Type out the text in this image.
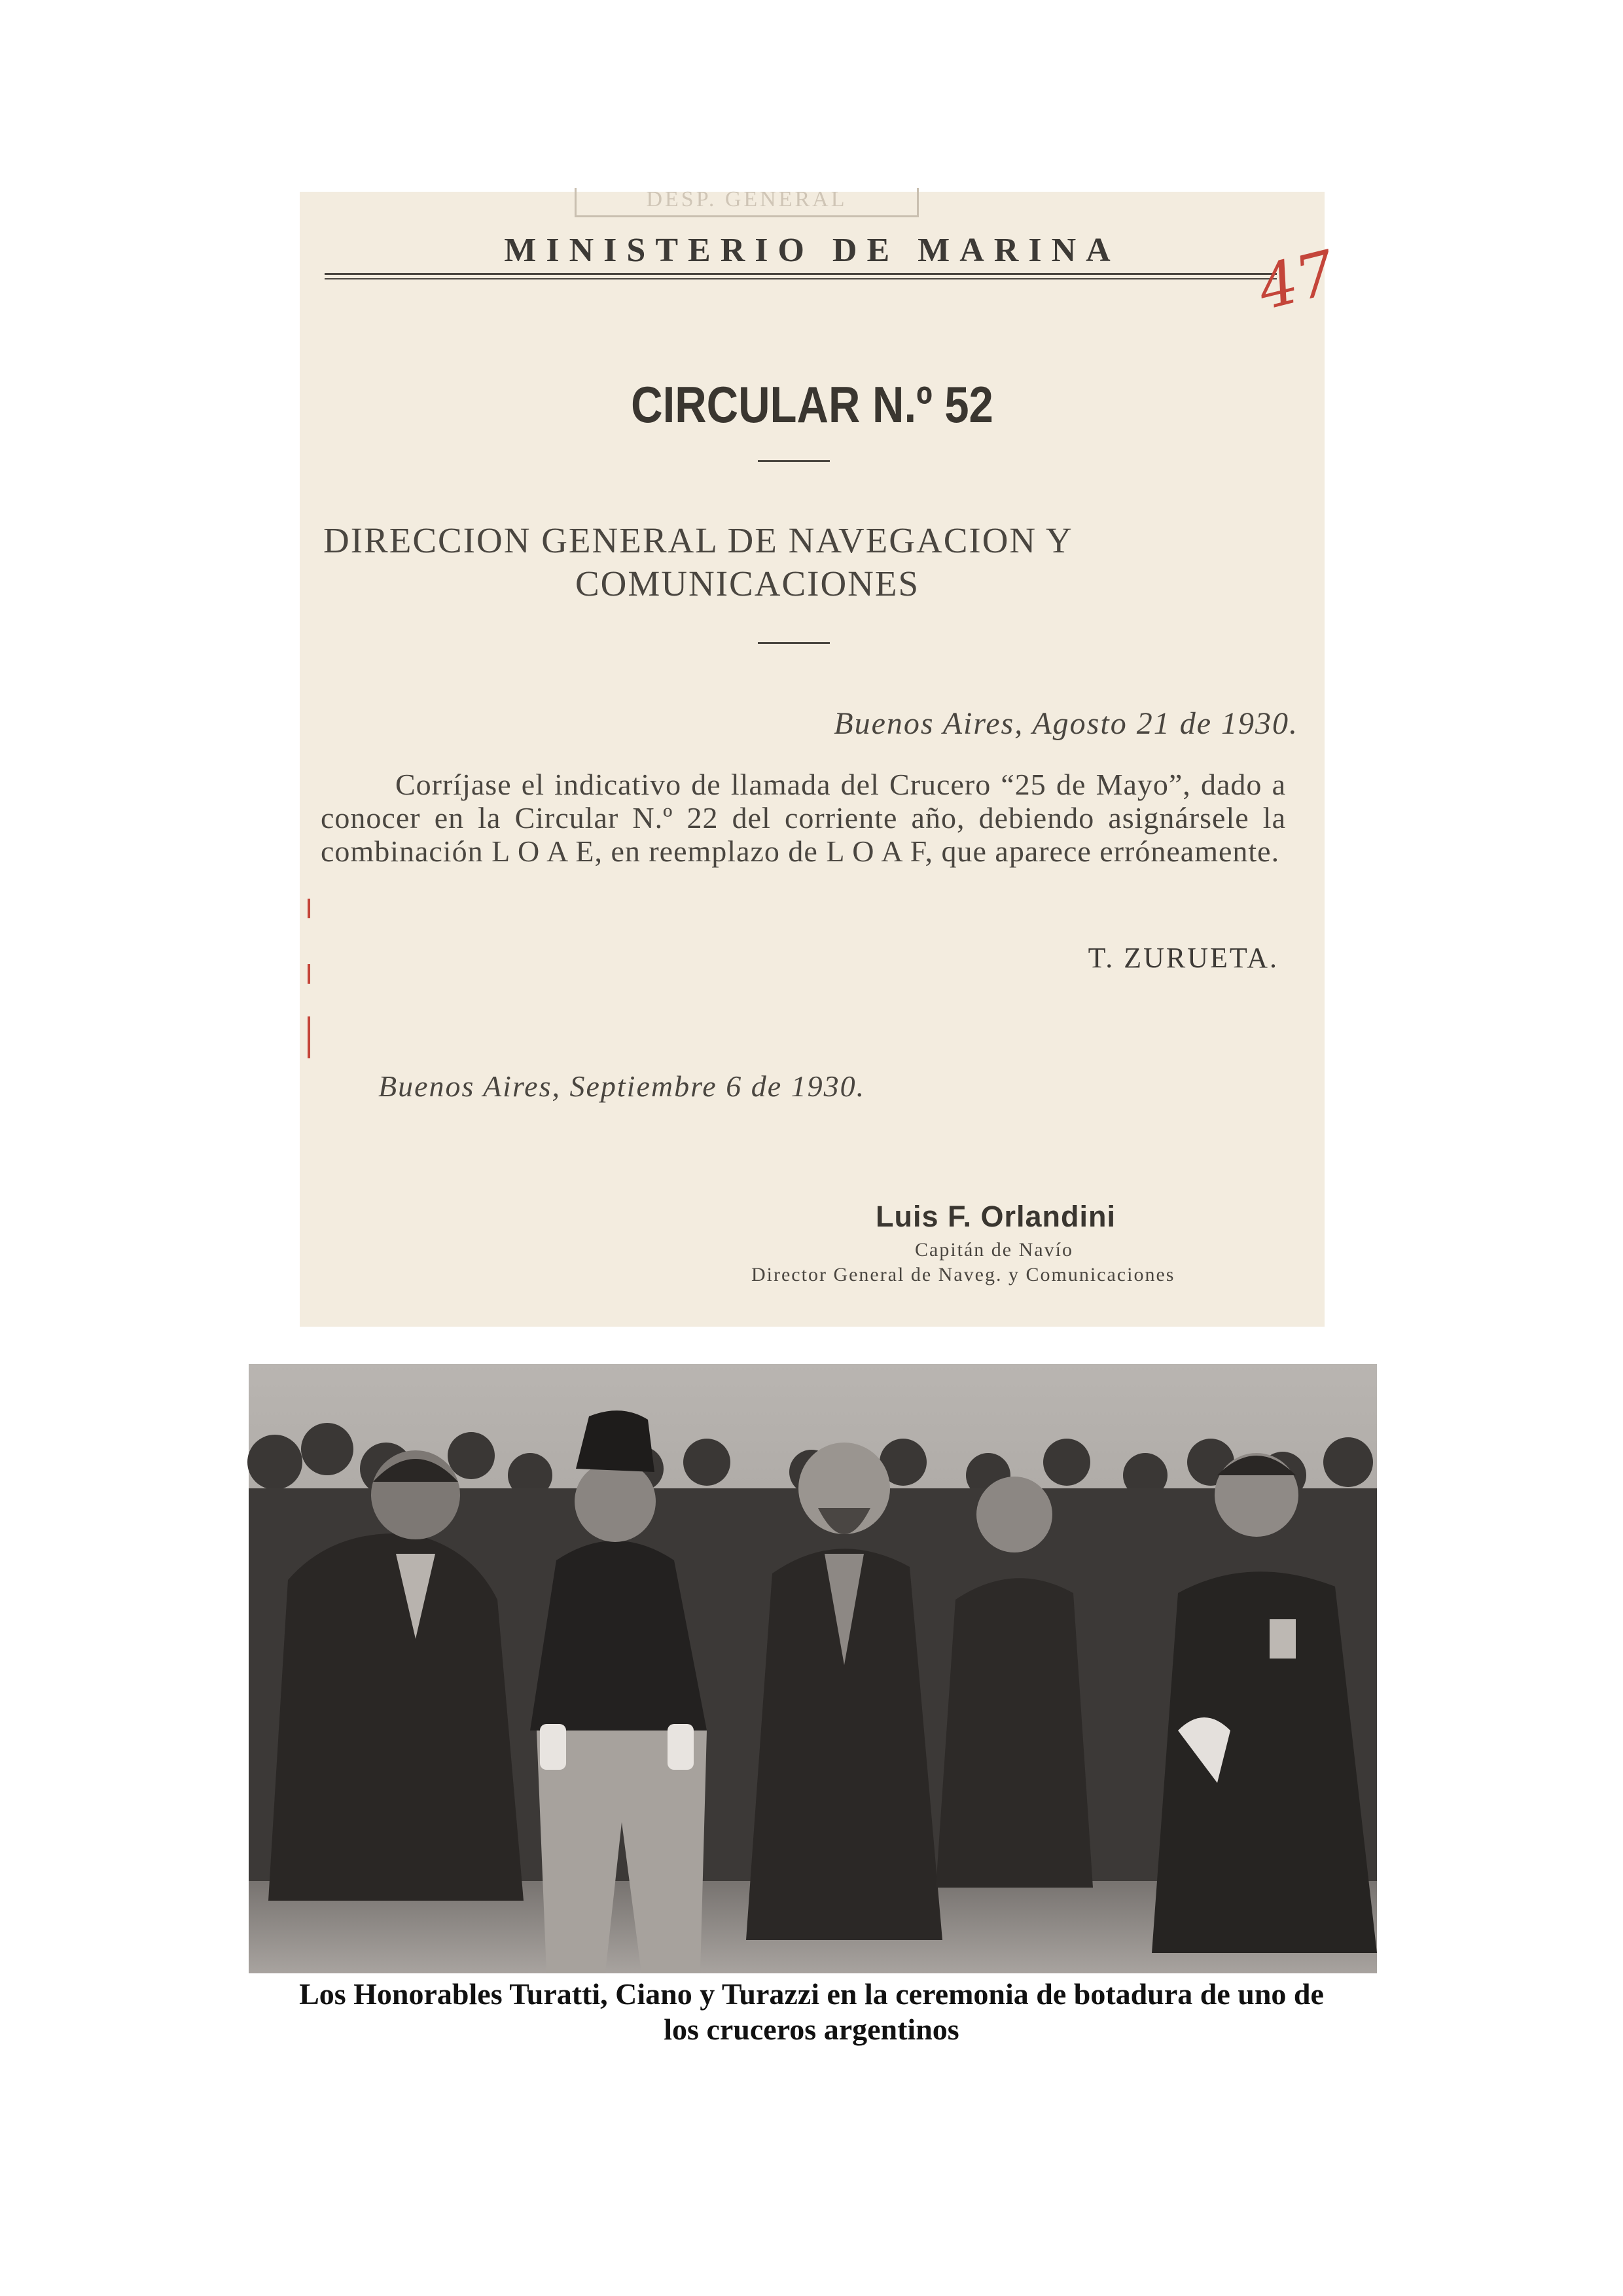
DESP. GENERAL
MINISTERIO DE MARINA	47
CIRCULAR N.º 52
DIRECCION GENERAL DE NAVEGACION Y
COMUNICACIONES
Buenos Aires, Agosto 21 de 1930.
Corríjase el indicativo de llamada del Crucero “25 de Mayo”, dado a conocer en la Circular N.º 22 del corriente año, debiendo asignársele la combinación L O A E, en reemplazo de L O A F, que aparece erróneamente.
T. ZURUETA.
Buenos Aires, Septiembre 6 de 1930.
Luis F. Orlandini
Capitán de Navío
Director General de Naveg. y Comunicaciones
Los Honorables Turatti, Ciano y Turazzi en la ceremonia de botadura de uno de
los cruceros argentinos
